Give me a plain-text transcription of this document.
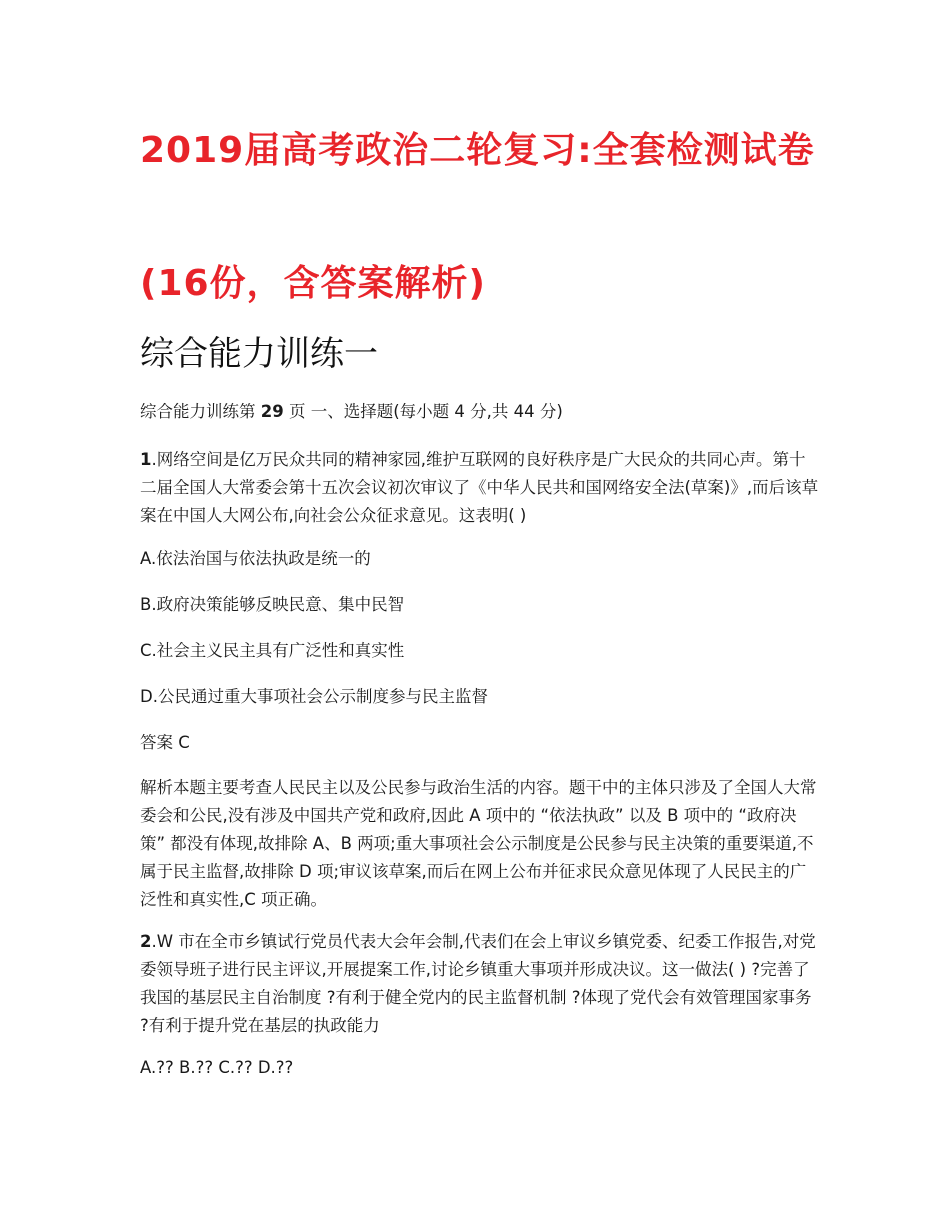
2019届高考政治二轮复习:全套检测试卷
(16份，含答案解析)
综合能力训练一
综合能力训练第 29 页 一、选择题(每小题 4 分,共 44 分)
1.网络空间是亿万民众共同的精神家园,维护互联网的良好秩序是广大民众的共同心声。第十二届全国人大常委会第十五次会议初次审议了《中华人民共和国网络安全法(草案)》,而后该草案在中国人大网公布,向社会公众征求意见。这表明( )
A.依法治国与依法执政是统一的
B.政府决策能够反映民意、集中民智
C.社会主义民主具有广泛性和真实性
D.公民通过重大事项社会公示制度参与民主监督
答案 C
解析本题主要考查人民民主以及公民参与政治生活的内容。题干中的主体只涉及了全国人大常委会和公民,没有涉及中国共产党和政府,因此 A 项中的 “依法执政” 以及 B 项中的 “政府决策” 都没有体现,故排除 A、B 两项;重大事项社会公示制度是公民参与民主决策的重要渠道,不属于民主监督,故排除 D 项;审议该草案,而后在网上公布并征求民众意见体现了人民民主的广泛性和真实性,C 项正确。
2.W 市在全市乡镇试行党员代表大会年会制,代表们在会上审议乡镇党委、纪委工作报告,对党委领导班子进行民主评议,开展提案工作,讨论乡镇重大事项并形成决议。这一做法( ) ?完善了我国的基层民主自治制度 ?有利于健全党内的民主监督机制 ?体现了党代会有效管理国家事务 ?有利于提升党在基层的执政能力
A.?? B.?? C.?? D.??
